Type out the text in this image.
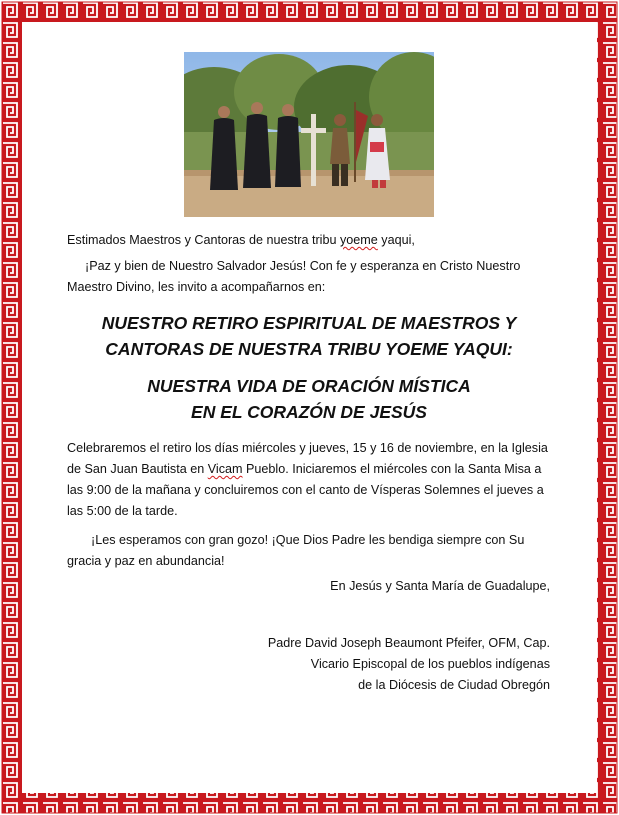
Estimados Maestros y Cantoras de nuestra tribu yoeme yaqui,

¡Paz y bien de Nuestro Salvador Jesús! Con fe y esperanza en Cristo Nuestro Maestro Divino, les invito a acompañarnos en:

NUESTRO RETIRO ESPIRITUAL DE MAESTROS Y
CANTORAS DE NUESTRA TRIBU YOEME YAQUI:
NUESTRA VIDA DE ORACIÓN MÍSTICA
EN EL CORAZÓN DE JESÚS

Celebraremos el retiro los días miércoles y jueves, 15 y 16 de noviembre, en la Iglesia de San Juan Bautista en Vicam Pueblo. Iniciaremos el miércoles con la Santa Misa a las 9:00 de la mañana y concluiremos con el canto de Vísperas Solemnes el jueves a las 5:00 de la tarde.

¡Les esperamos con gran gozo! ¡Que Dios Padre les bendiga siempre con Su gracia y paz en abundancia!

En Jesús y Santa María de Guadalupe,

Padre David Joseph Beaumont Pfeifer, OFM, Cap.
Vicario Episcopal de los pueblos indígenas
de la Diócesis de Ciudad Obregón
